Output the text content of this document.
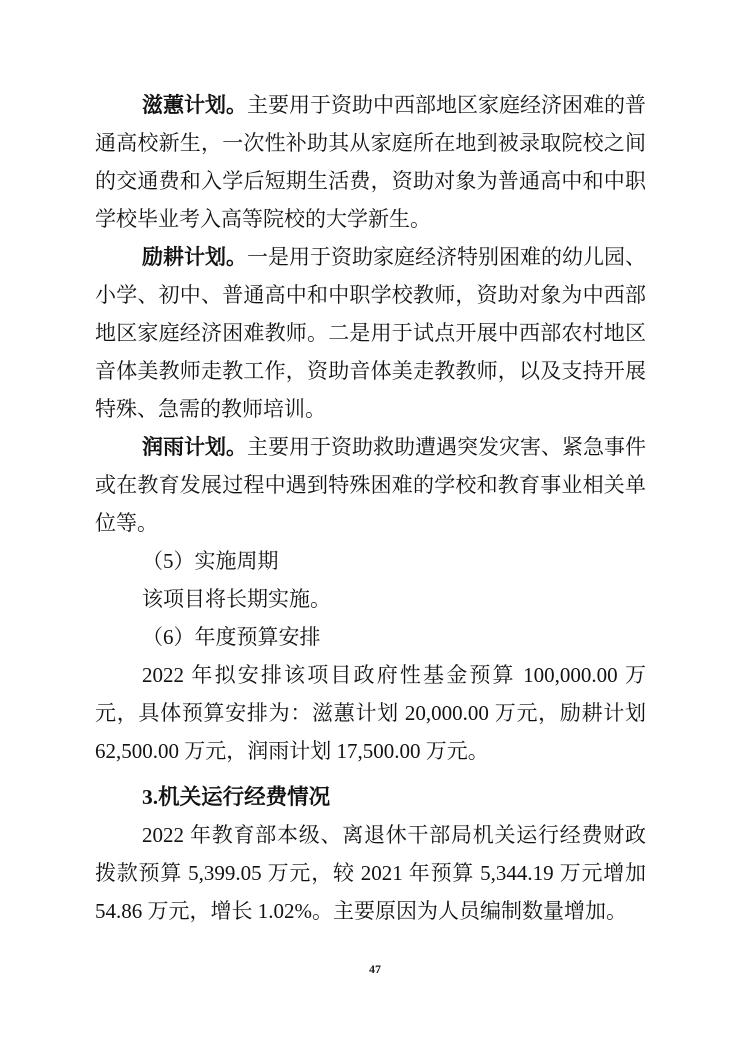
滋蕙计划。主要用于资助中西部地区家庭经济困难的普通高校新生，一次性补助其从家庭所在地到被录取院校之间的交通费和入学后短期生活费，资助对象为普通高中和中职学校毕业考入高等院校的大学新生。

励耕计划。一是用于资助家庭经济特别困难的幼儿园、小学、初中、普通高中和中职学校教师，资助对象为中西部地区家庭经济困难教师。二是用于试点开展中西部农村地区音体美教师走教工作，资助音体美走教教师，以及支持开展特殊、急需的教师培训。

润雨计划。主要用于资助救助遭遇突发灾害、紧急事件或在教育发展过程中遇到特殊困难的学校和教育事业相关单位等。

（5）实施周期

该项目将长期实施。

（6）年度预算安排

2022 年拟安排该项目政府性基金预算 100,000.00 万元，具体预算安排为：滋蕙计划 20,000.00 万元，励耕计划 62,500.00 万元，润雨计划 17,500.00 万元。

3.机关运行经费情况

2022 年教育部本级、离退休干部局机关运行经费财政拨款预算 5,399.05 万元，较 2021 年预算 5,344.19 万元增加 54.86 万元，增长 1.02%。主要原因为人员编制数量增加。

47
